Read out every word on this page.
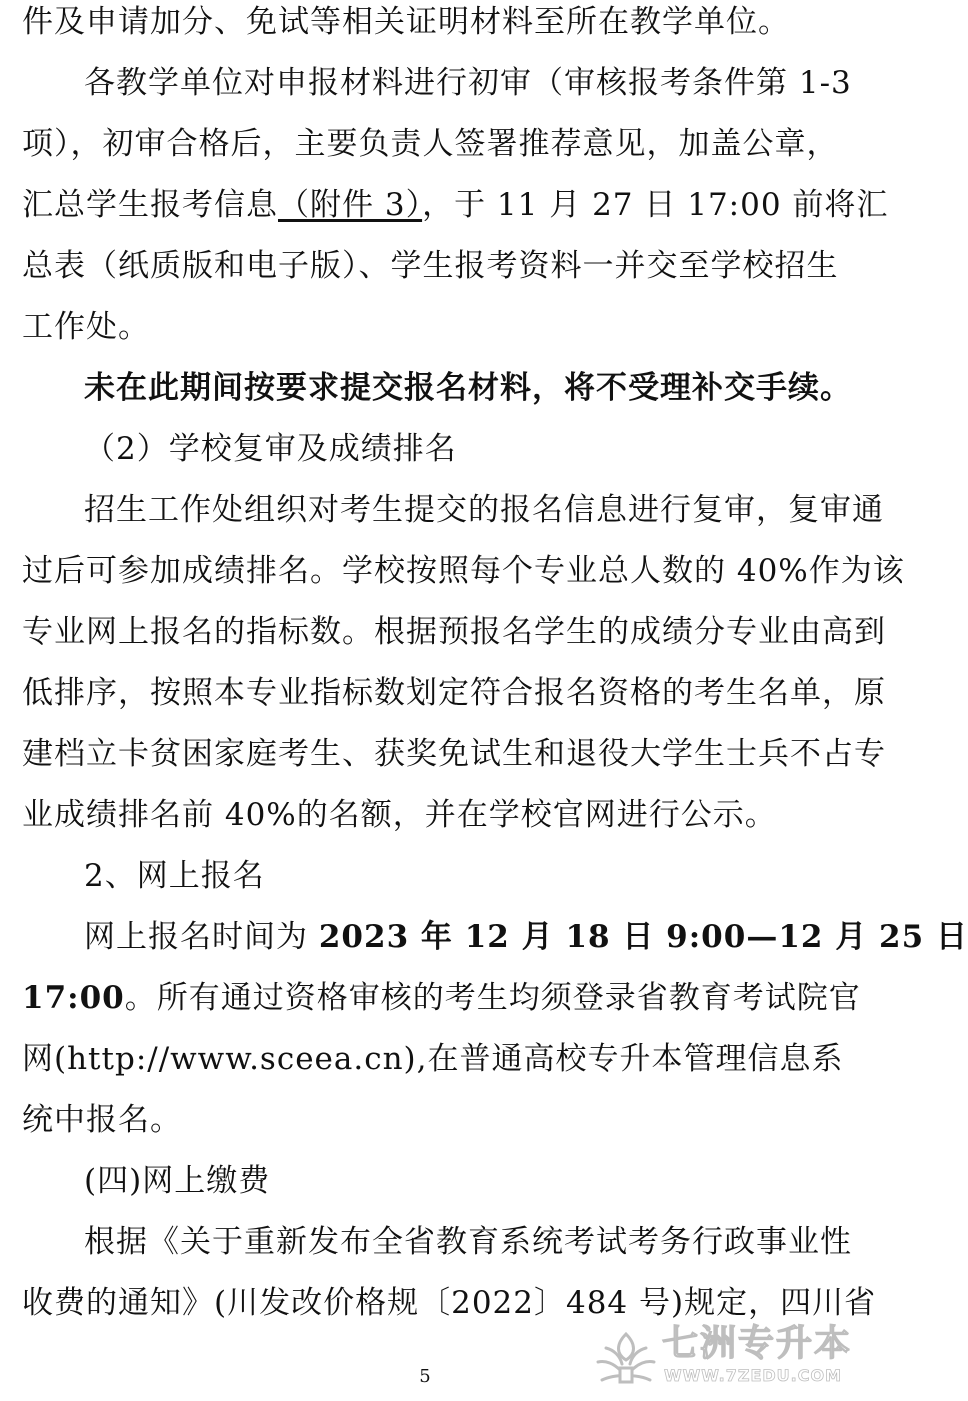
件及申请加分、免试等相关证明材料至所在教学单位。
各教学单位对申报材料进行初审（审核报考条件第 1-3
项），初审合格后，主要负责人签署推荐意见，加盖公章，
汇总学生报考信息（附件 3），于 11 月 27 日 17:00 前将汇
总表（纸质版和电子版）、学生报考资料一并交至学校招生
工作处。
未在此期间按要求提交报名材料，将不受理补交手续。
（2）学校复审及成绩排名
招生工作处组织对考生提交的报名信息进行复审，复审通
过后可参加成绩排名。学校按照每个专业总人数的 40%作为该
专业网上报名的指标数。根据预报名学生的成绩分专业由高到
低排序，按照本专业指标数划定符合报名资格的考生名单，原
建档立卡贫困家庭考生、获奖免试生和退役大学生士兵不占专
业成绩排名前 40%的名额，并在学校官网进行公示。
2、网上报名
网上报名时间为 2023 年 12 月 18 日 9:00—12 月 25 日
17:00。所有通过资格审核的考生均须登录省教育考试院官
网(http://www.sceea.cn),在普通高校专升本管理信息系
统中报名。
(四)网上缴费
根据《关于重新发布全省教育系统考试考务行政事业性
收费的通知》(川发改价格规〔2022〕484 号)规定，四川省
5
七洲专升本
WWW.7ZEDU.COM
